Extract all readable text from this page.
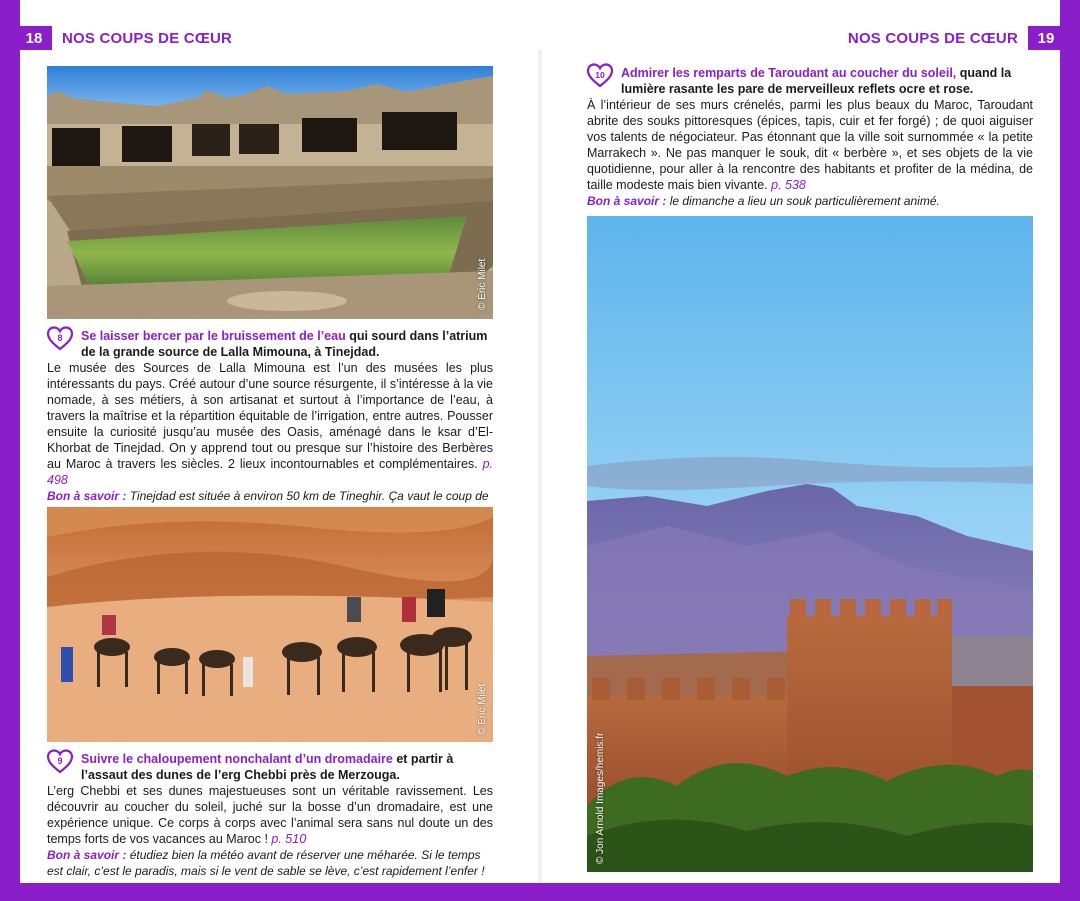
18	NOS COUPS DE CŒUR	NOS COUPS DE CŒUR	19
© Éric Milet
8 Se laisser bercer par le bruissement de l’eau qui sourd dans l’atrium de la grande source de Lalla Mimouna, à Tinejdad.
Le musée des Sources de Lalla Mimouna est l’un des musées les plus intéressants du pays. Créé autour d’une source résurgente, il s’intéresse à la vie nomade, à ses métiers, à son artisanat et surtout à l’importance de l’eau, à travers la maîtrise et la répartition équitable de l’irrigation, entre autres. Pousser ensuite la curiosité jusqu’au musée des Oasis, aménagé dans le ksar d’El-Khorbat de Tinejdad. On y apprend tout ou presque sur l’histoire des Berbères au Maroc à travers les siècles. 2 lieux incontournables et complémentaires. p. 498
Bon à savoir : Tinejdad est située à environ 50 km de Tineghir. Ça vaut le coup de
© Éric Milet
9 Suivre le chaloupement nonchalant d’un dromadaire et partir à l’assaut des dunes de l’erg Chebbi près de Merzouga.
L’erg Chebbi et ses dunes majestueuses sont un véritable ravissement. Les découvrir au coucher du soleil, juché sur la bosse d’un dromadaire, est une expérience unique. Ce corps à corps avec l’animal sera sans nul doute un des temps forts de vos vacances au Maroc ! p. 510
Bon à savoir : étudiez bien la météo avant de réserver une méharée. Si le temps est clair, c’est le paradis, mais si le vent de sable se lève, c’est rapidement l’enfer !
10 Admirer les remparts de Taroudant au coucher du soleil, quand la lumière rasante les pare de merveilleux reflets ocre et rose.
À l’intérieur de ses murs crénelés, parmi les plus beaux du Maroc, Taroudant abrite des souks pittoresques (épices, tapis, cuir et fer forgé) ; de quoi aiguiser vos talents de négociateur. Pas étonnant que la ville soit surnommée « la petite Marrakech ». Ne pas manquer le souk, dit « berbère », et ses objets de la vie quotidienne, pour aller à la rencontre des habitants et profiter de la médina, de taille modeste mais bien vivante. p. 538
Bon à savoir : le dimanche a lieu un souk particulièrement animé.
© Jon Arnold Images/hemis.fr
